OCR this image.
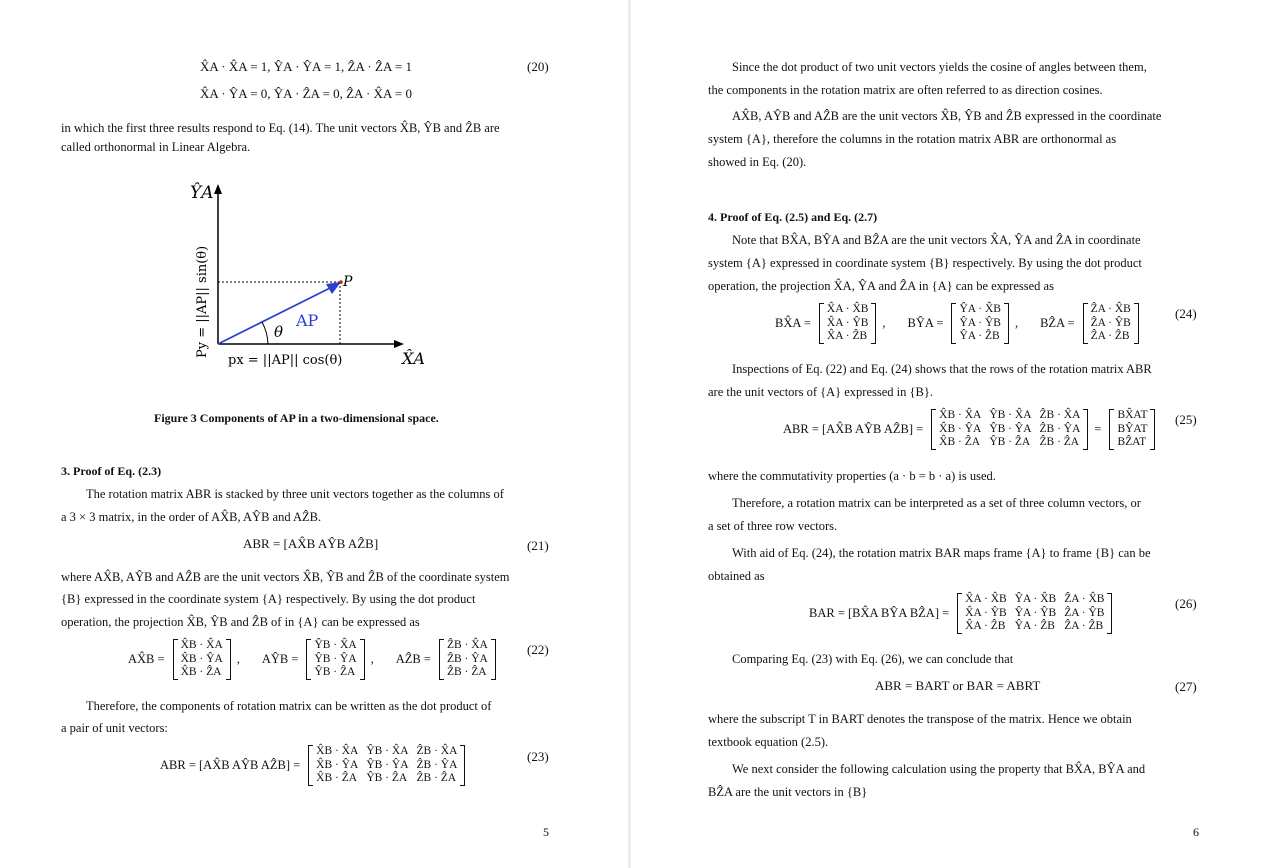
X̂A · X̂A = 1, ŶA · ŶA = 1, ẐA · ẐA = 1	(20)
X̂A · ŶA = 0, ŶA · ẐA = 0, ẐA · X̂A = 0
in which the first three results respond to Eq. (14). The unit vectors X̂B, ŶB and ẐB are
called orthonormal in Linear Algebra.
ŶA
X̂A
P
AP
θ
px = ||AP|| cos(θ)
Py = ||AP|| sin(θ)
Figure 3 Components of AP in a two-dimensional space.
3. Proof of Eq. (2.3)
The rotation matrix ABR is stacked by three unit vectors together as the columns of
a 3 × 3 matrix, in the order of AX̂B, AŶB and AẐB.
ABR = [AX̂B AŶB AẐB]	(21)
where AX̂B, AŶB and AẐB are the unit vectors X̂B, ŶB and ẐB of the coordinate system
{B} expressed in the coordinate system {A} respectively. By using the dot product
operation, the projection X̂B, ŶB and ẐB of in {A} can be expressed as
AX̂B =
X̂B · X̂A
X̂B · ŶA
X̂B · ẐA
, AŶB =
ŶB · X̂A
ŶB · ŶA
ŶB · ẐA
, AẐB =
ẐB · X̂A
ẐB · ŶA
ẐB · ẐA
(22)
Therefore, the components of rotation matrix can be written as the dot product of
a pair of unit vectors:
ABR = [AX̂B AŶB AẐB] =
X̂B · X̂A	ŶB · X̂A	ẐB · X̂A
X̂B · ŶA	ŶB · ŶA	ẐB · ŶA
X̂B · ẐA	ŶB · ẐA	ẐB · ẐA
(23)
5
Since the dot product of two unit vectors yields the cosine of angles between them,
the components in the rotation matrix are often referred to as direction cosines.
AX̂B, AŶB and AẐB are the unit vectors X̂B, ŶB and ẐB expressed in the coordinate
system {A}, therefore the columns in the rotation matrix ABR are orthonormal as
showed in Eq. (20).
4. Proof of Eq. (2.5) and Eq. (2.7)
Note that BX̂A, BŶA and BẐA are the unit vectors X̂A, ŶA and ẐA in coordinate
system {A} expressed in coordinate system {B} respectively. By using the dot product
operation, the projection X̂A, ŶA and ẐA in {A} can be expressed as
BX̂A =
X̂A · X̂B
X̂A · ŶB
X̂A · ẐB
, BŶA =
ŶA · X̂B
ŶA · ŶB
ŶA · ẐB
, BẐA =
ẐA · X̂B
ẐA · ŶB
ẐA · ẐB
(24)
Inspections of Eq. (22) and Eq. (24) shows that the rows of the rotation matrix ABR
are the unit vectors of {A} expressed in {B}.
ABR = [AX̂B AŶB AẐB] =
X̂B · X̂A	ŶB · X̂A	ẐB · X̂A
X̂B · ŶA	ŶB · ŶA	ẐB · ŶA
X̂B · ẐA	ŶB · ẐA	ẐB · ẐA
=
BX̂AT
BŶAT
BẐAT
(25)
where the commutativity properties (a · b = b · a) is used.
Therefore, a rotation matrix can be interpreted as a set of three column vectors, or
a set of three row vectors.
With aid of Eq. (24), the rotation matrix BAR maps frame {A} to frame {B} can be
obtained as
BAR = [BX̂A BŶA BẐA] =
X̂A · X̂B	ŶA · X̂B	ẐA · X̂B
X̂A · ŶB	ŶA · ŶB	ẐA · ŶB
X̂A · ẐB	ŶA · ẐB	ẐA · ẐB
(26)
Comparing Eq. (23) with Eq. (26), we can conclude that
ABR = BART or BAR = ABRT	(27)
where the subscript T in BART denotes the transpose of the matrix. Hence we obtain
textbook equation (2.5).
We next consider the following calculation using the property that BX̂A, BŶA and
BẐA are the unit vectors in {B}
6
